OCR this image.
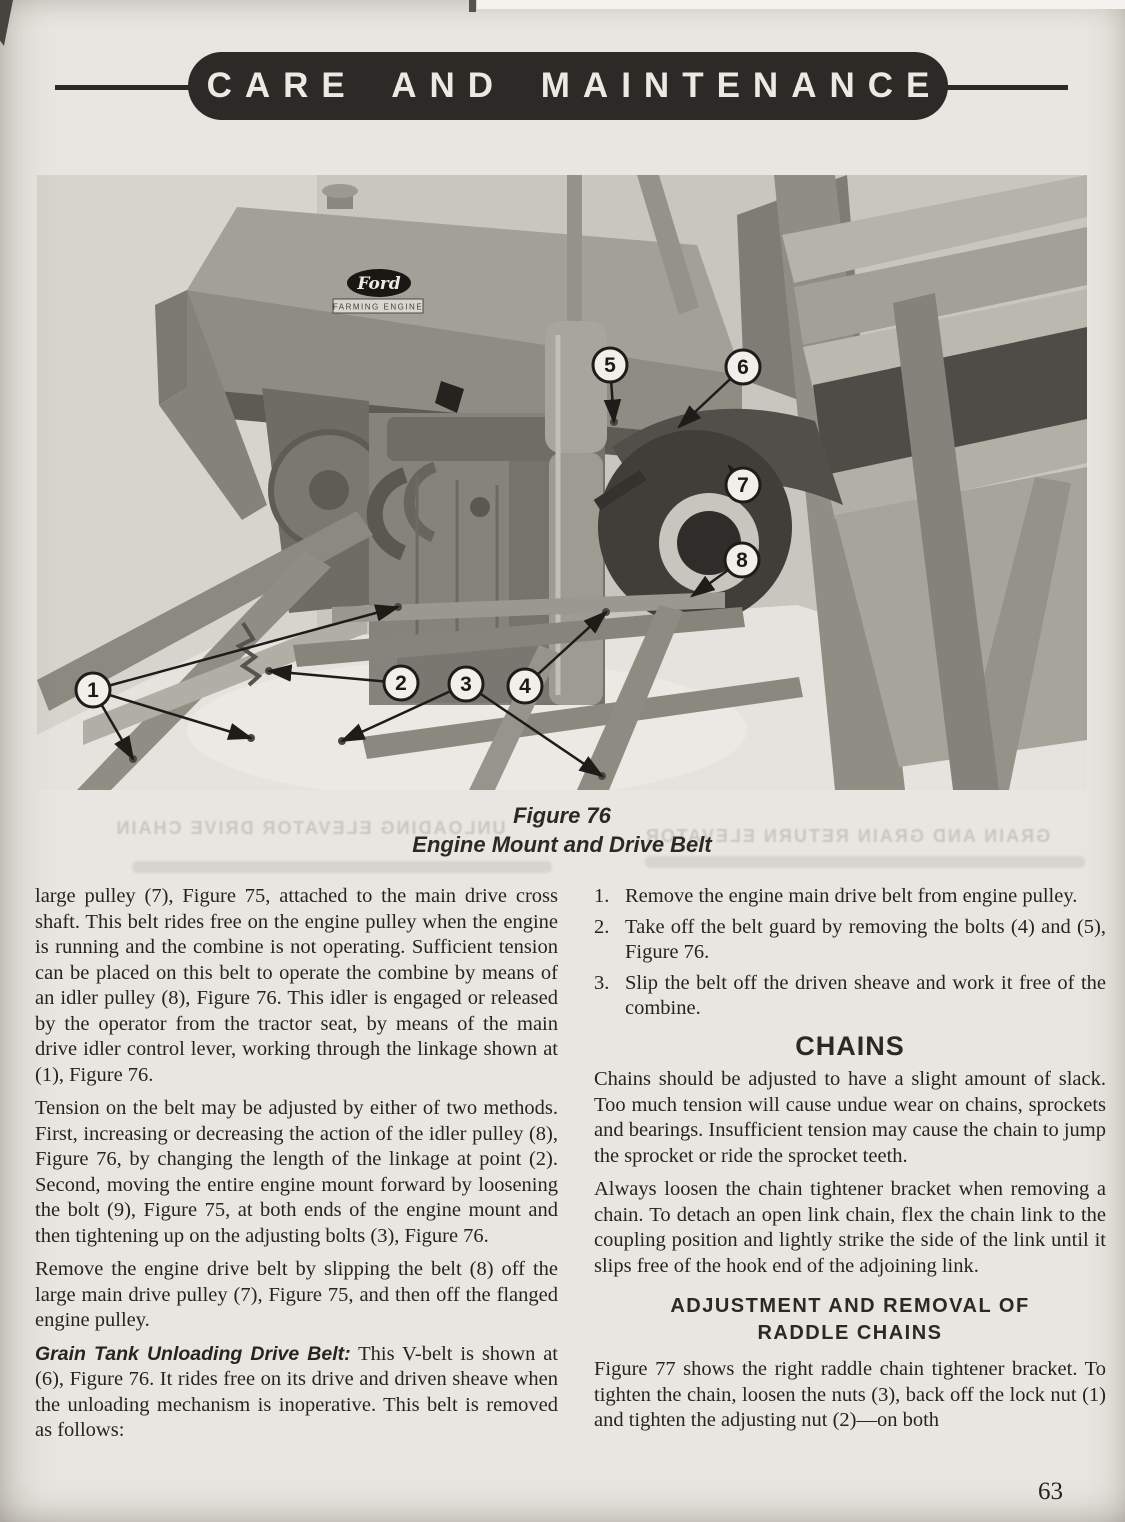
CARE AND MAINTENANCE
Ford
FARMING ENGINE
1	2	3 4
5	6
7
8
UNLOADING ELEVATOR DRIVE CHAIN	GRAIN AND GRAIN RETURN ELEVATOR
Figure 76
Engine Mount and Drive Belt

large pulley (7), Figure 75, attached to the main drive cross shaft. This belt rides free on the engine pulley when the engine is running and the combine is not operating. Sufficient tension can be placed on this belt to operate the combine by means of an idler pulley (8), Figure 76. This idler is engaged or released by the operator from the tractor seat, by means of the main drive idler control lever, working through the linkage shown at (1), Figure 76.

Tension on the belt may be adjusted by either of two methods. First, increasing or decreasing the action of the idler pulley (8), Figure 76, by changing the length of the linkage at point (2). Second, moving the entire engine mount forward by loosening the bolt (9), Figure 75, at both ends of the engine mount and then tightening up on the adjusting bolts (3), Figure 76.

Remove the engine drive belt by slipping the belt (8) off the large main drive pulley (7), Figure 75, and then off the flanged engine pulley.

Grain Tank Unloading Drive Belt: This V-belt is shown at (6), Figure 76. It rides free on its drive and driven sheave when the unloading mechanism is inoperative. This belt is removed as follows:

1. Remove the engine main drive belt from engine pulley.
2. Take off the belt guard by removing the bolts (4) and (5), Figure 76.
3. Slip the belt off the driven sheave and work it free of the combine.
CHAINS

Chains should be adjusted to have a slight amount of slack. Too much tension will cause undue wear on chains, sprockets and bearings. Insufficient tension may cause the chain to jump the sprocket or ride the sprocket teeth.

Always loosen the chain tightener bracket when removing a chain. To detach an open link chain, flex the chain link to the coupling position and lightly strike the side of the link until it slips free of the hook end of the adjoining link.

ADJUSTMENT AND REMOVAL OF
RADDLE CHAINS

Figure 77 shows the right raddle chain tightener bracket. To tighten the chain, loosen the nuts (3), back off the lock nut (1) and tighten the adjusting nut (2)—on both

63
